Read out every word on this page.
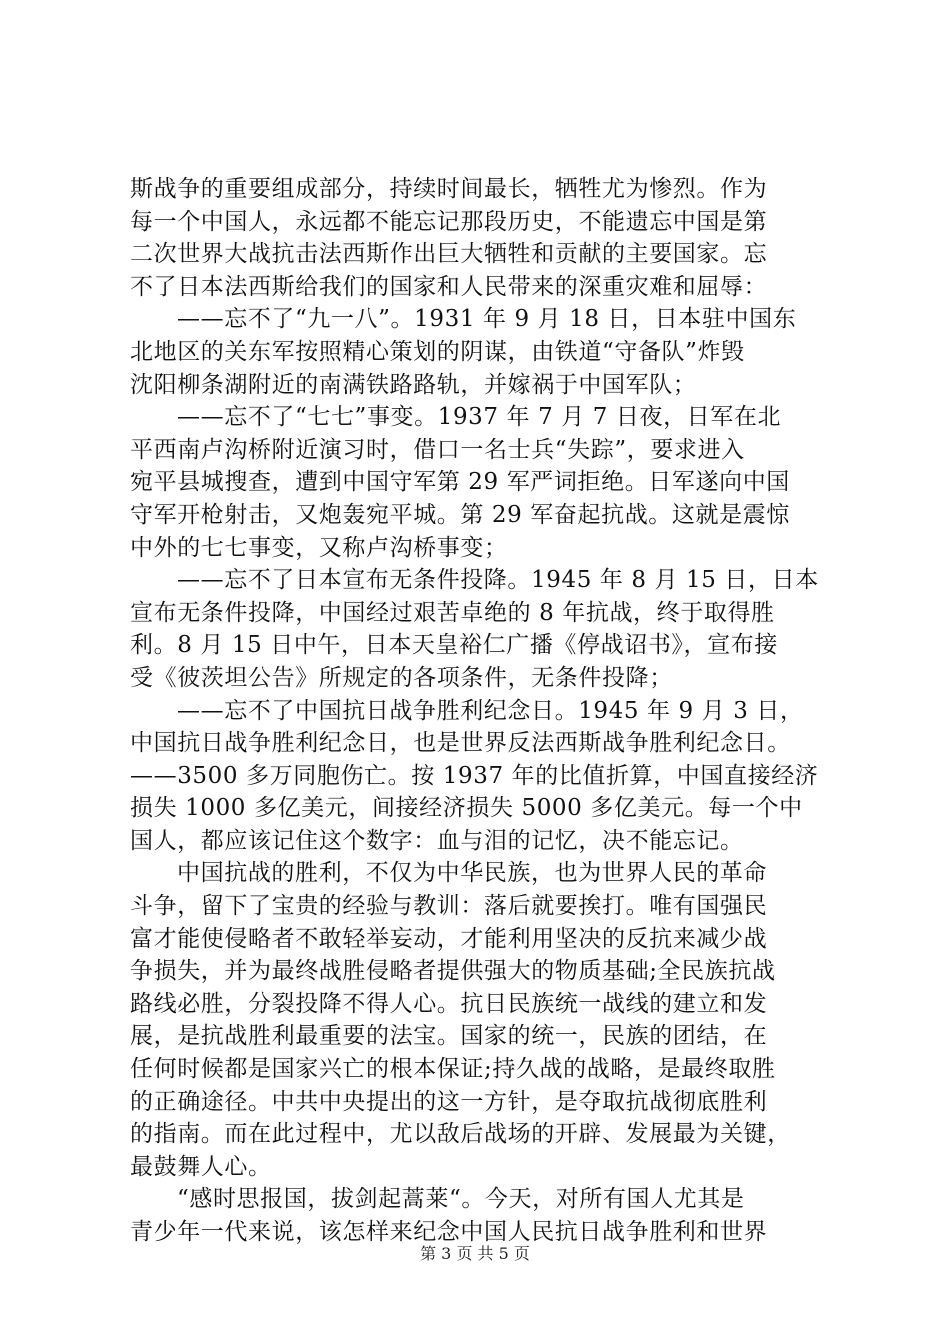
斯战争的重要组成部分，持续时间最长，牺牲尤为惨烈。作为
每一个中国人，永远都不能忘记那段历史，不能遗忘中国是第
二次世界大战抗击法西斯作出巨大牺牲和贡献的主要国家。忘
不了日本法西斯给我们的国家和人民带来的深重灾难和屈辱：
——忘不了“九一八”。1931 年 9 月 18 日，日本驻中国东
北地区的关东军按照精心策划的阴谋，由铁道“守备队”炸毁
沈阳柳条湖附近的南满铁路路轨，并嫁祸于中国军队；
——忘不了“七七”事变。1937 年 7 月 7 日夜，日军在北
平西南卢沟桥附近演习时，借口一名士兵“失踪”，要求进入
宛平县城搜查，遭到中国守军第 29 军严词拒绝。日军遂向中国
守军开枪射击，又炮轰宛平城。第 29 军奋起抗战。这就是震惊
中外的七七事变，又称卢沟桥事变；
——忘不了日本宣布无条件投降。1945 年 8 月 15 日，日本
宣布无条件投降，中国经过艰苦卓绝的 8 年抗战，终于取得胜
利。8 月 15 日中午，日本天皇裕仁广播《停战诏书》，宣布接
受《彼茨坦公告》所规定的各项条件，无条件投降；
——忘不了中国抗日战争胜利纪念日。1945 年 9 月 3 日，
中国抗日战争胜利纪念日，也是世界反法西斯战争胜利纪念日。
——3500 多万同胞伤亡。按 1937 年的比值折算，中国直接经济
损失 1000 多亿美元，间接经济损失 5000 多亿美元。每一个中
国人，都应该记住这个数字：血与泪的记忆，决不能忘记。
中国抗战的胜利，不仅为中华民族，也为世界人民的革命
斗争，留下了宝贵的经验与教训：落后就要挨打。唯有国强民
富才能使侵略者不敢轻举妄动，才能利用坚决的反抗来减少战
争损失，并为最终战胜侵略者提供强大的物质基础;全民族抗战
路线必胜，分裂投降不得人心。抗日民族统一战线的建立和发
展，是抗战胜利最重要的法宝。国家的统一，民族的团结，在
任何时候都是国家兴亡的根本保证;持久战的战略，是最终取胜
的正确途径。中共中央提出的这一方针，是夺取抗战彻底胜利
的指南。而在此过程中，尤以敌后战场的开辟、发展最为关键，
最鼓舞人心。
“感时思报国，拔剑起蒿莱“。今天，对所有国人尤其是
青少年一代来说，该怎样来纪念中国人民抗日战争胜利和世界
第 3 页 共 5 页
